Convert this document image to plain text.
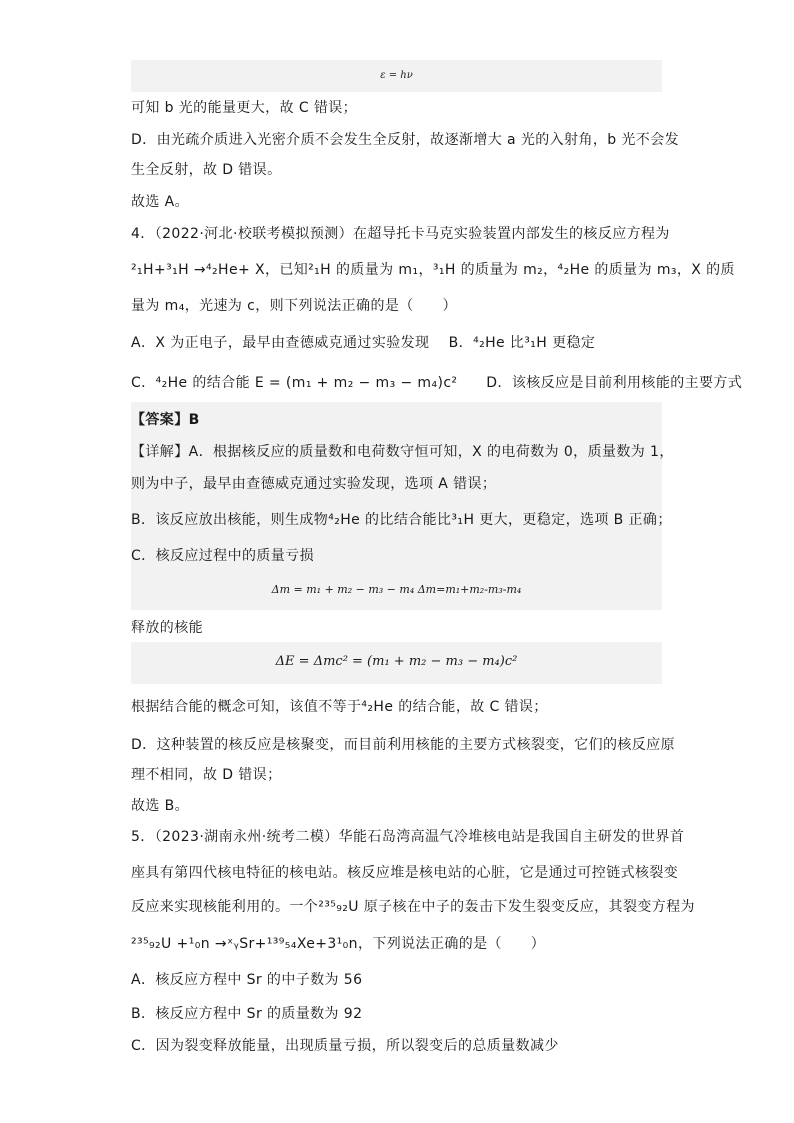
ε = hν
可知 b 光的能量更大，故 C 错误；
D．由光疏介质进入光密介质不会发生全反射，故逐渐增大 a 光的入射角，b 光不会发
生全反射，故 D 错误。
故选 A。
4．（2022·河北·校联考模拟预测）在超导托卡马克实验装置内部发生的核反应方程为
²₁H+³₁H →⁴₂He+ X，已知²₁H 的质量为 m₁，³₁H 的质量为 m₂，⁴₂He 的质量为 m₃，X 的质
量为 m₄，光速为 c，则下列说法正确的是（　　）
A．X 为正电子，最早由查德威克通过实验发现　 B．⁴₂He 比³₁H 更稳定
C．⁴₂He 的结合能 E = (m₁ + m₂ − m₃ − m₄)c²　　D．该核反应是目前利用核能的主要方式
【答案】B
【详解】A．根据核反应的质量数和电荷数守恒可知，X 的电荷数为 0，质量数为 1，
则为中子，最早由查德威克通过实验发现，选项 A 错误；
B．该反应放出核能，则生成物⁴₂He 的比结合能比³₁H 更大，更稳定，选项 B 正确；
C．核反应过程中的质量亏损
Δm = m₁ + m₂ − m₃ − m₄ Δm=m₁+m₂-m₃-m₄
释放的核能
ΔE = Δmc² = (m₁ + m₂ − m₃ − m₄)c²
根据结合能的概念可知，该值不等于⁴₂He 的结合能，故 C 错误；
D．这种装置的核反应是核聚变，而目前利用核能的主要方式核裂变，它们的核反应原
理不相同，故 D 错误；
故选 B。
5．（2023·湖南永州·统考二模）华能石岛湾高温气冷堆核电站是我国自主研发的世界首
座具有第四代核电特征的核电站。核反应堆是核电站的心脏，它是通过可控链式核裂变
反应来实现核能利用的。一个²³⁵₉₂U 原子核在中子的轰击下发生裂变反应，其裂变方程为
²³⁵₉₂U +¹₀n →ˣᵧSr+¹³⁹₅₄Xe+3¹₀n，下列说法正确的是（　　）
A．核反应方程中 Sr 的中子数为 56
B．核反应方程中 Sr 的质量数为 92
C．因为裂变释放能量，出现质量亏损，所以裂变后的总质量数减少
